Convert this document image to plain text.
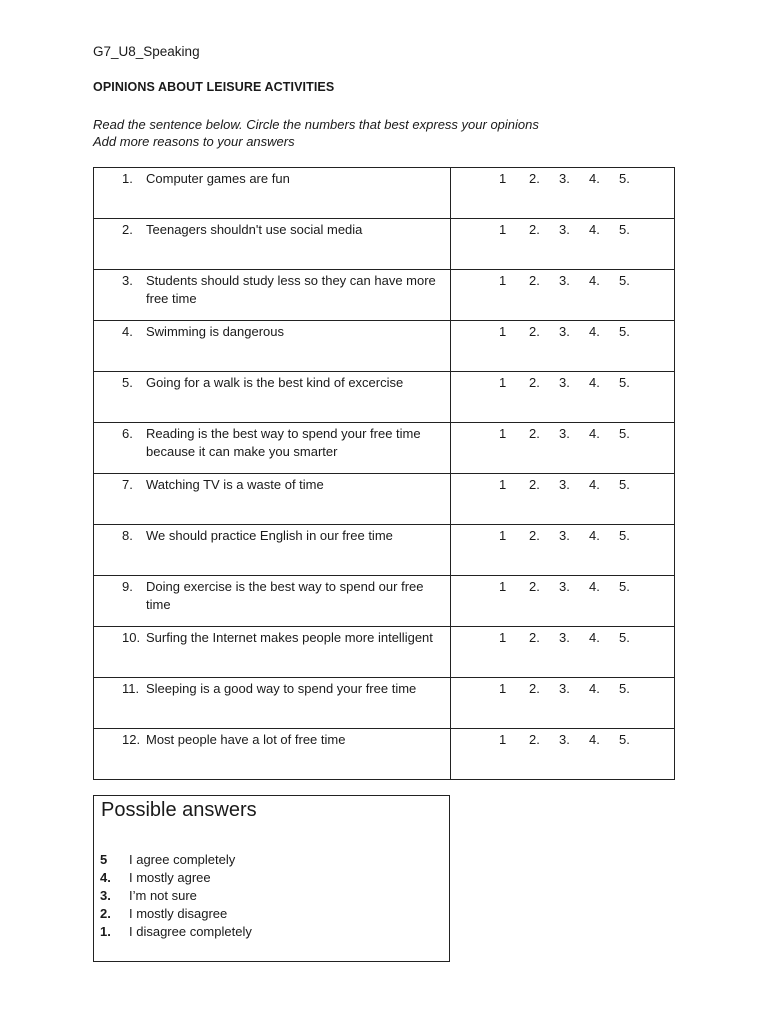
G7_U8_Speaking
OPINIONS ABOUT LEISURE ACTIVITIES
Read the sentence below. Circle the numbers that best express your opinions
Add more reasons to your answers
1. Computer games are fun	1 2. 3. 4. 5.

2. Teenagers shouldn't use social media	1 2. 3. 4. 5.

3. Students should study less so they can have more free time	1 2. 3. 4. 5.

4. Swimming is dangerous	1 2. 3. 4. 5.

5. Going for a walk is the best kind of excercise	1 2. 3. 4. 5.

6. Reading is the best way to spend your free time because it can make you smarter	1 2. 3. 4. 5.

7. Watching TV is a waste of time	1 2. 3. 4. 5.

8. We should practice English in our free time	1 2. 3. 4. 5.

9. Doing exercise is the best way to spend our free time	1 2. 3. 4. 5.

10. Surfing the Internet makes people more intelligent	1 2. 3. 4. 5.

11. Sleeping is a good way to spend your free time	1 2. 3. 4. 5.

12. Most people have a lot of free time	1 2. 3. 4. 5.
Possible answers
5	I agree completely
4.	I mostly agree
3.	I’m not sure
2.	I mostly disagree
1.	I disagree completely
